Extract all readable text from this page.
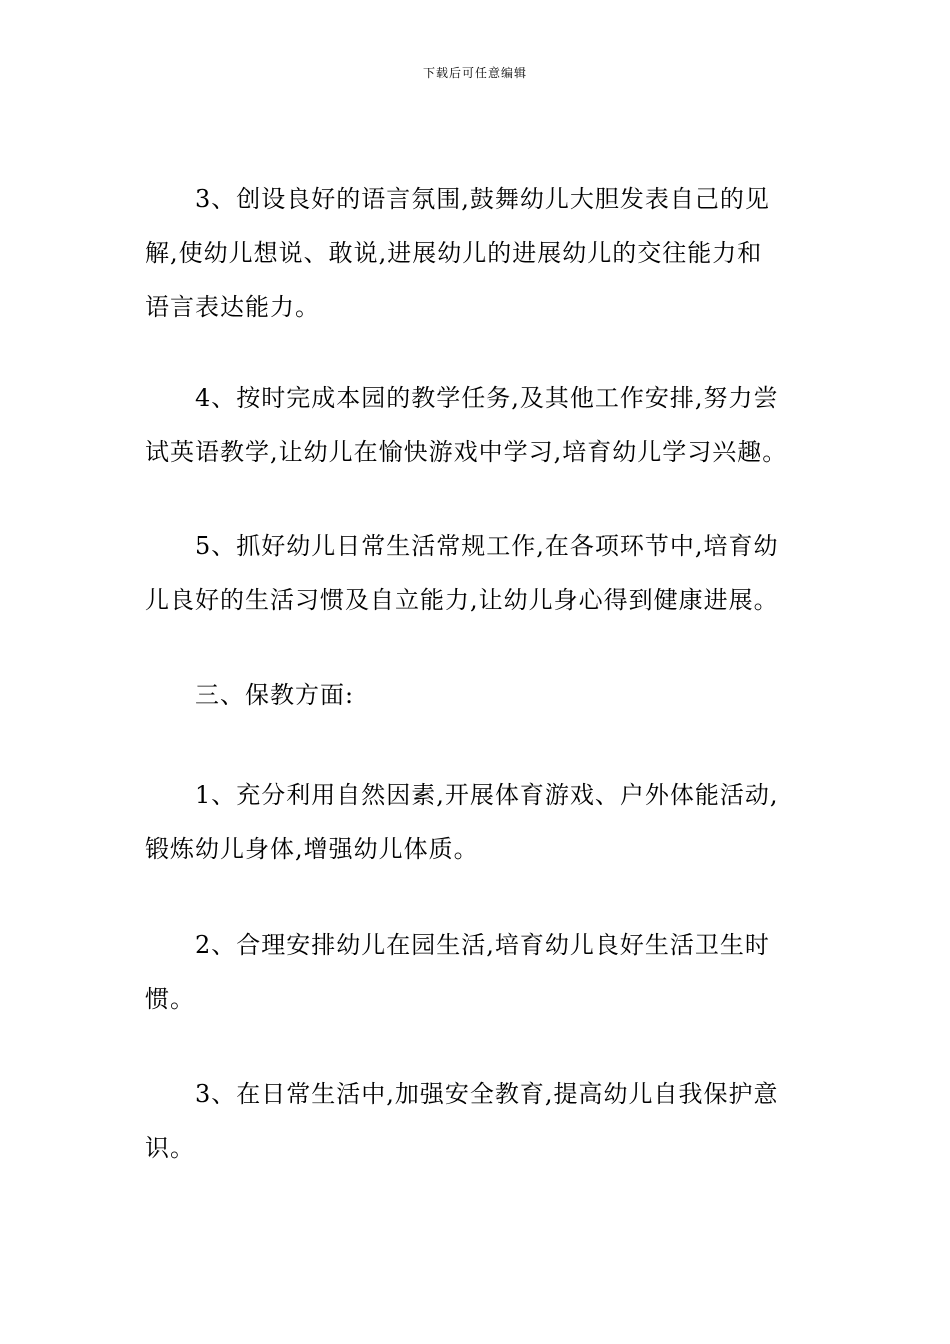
下载后可任意编辑
3、创设良好的语言氛围,鼓舞幼儿大胆发表自己的见
解,使幼儿想说、敢说,进展幼儿的进展幼儿的交往能力和
语言表达能力。
4、按时完成本园的教学任务,及其他工作安排,努力尝
试英语教学,让幼儿在愉快游戏中学习,培育幼儿学习兴趣。
5、抓好幼儿日常生活常规工作,在各项环节中,培育幼
儿良好的生活习惯及自立能力,让幼儿身心得到健康进展。
三、保教方面:
1、充分利用自然因素,开展体育游戏、户外体能活动,
锻炼幼儿身体,增强幼儿体质。
2、合理安排幼儿在园生活,培育幼儿良好生活卫生时
惯。
3、在日常生活中,加强安全教育,提高幼儿自我保护意
识。
